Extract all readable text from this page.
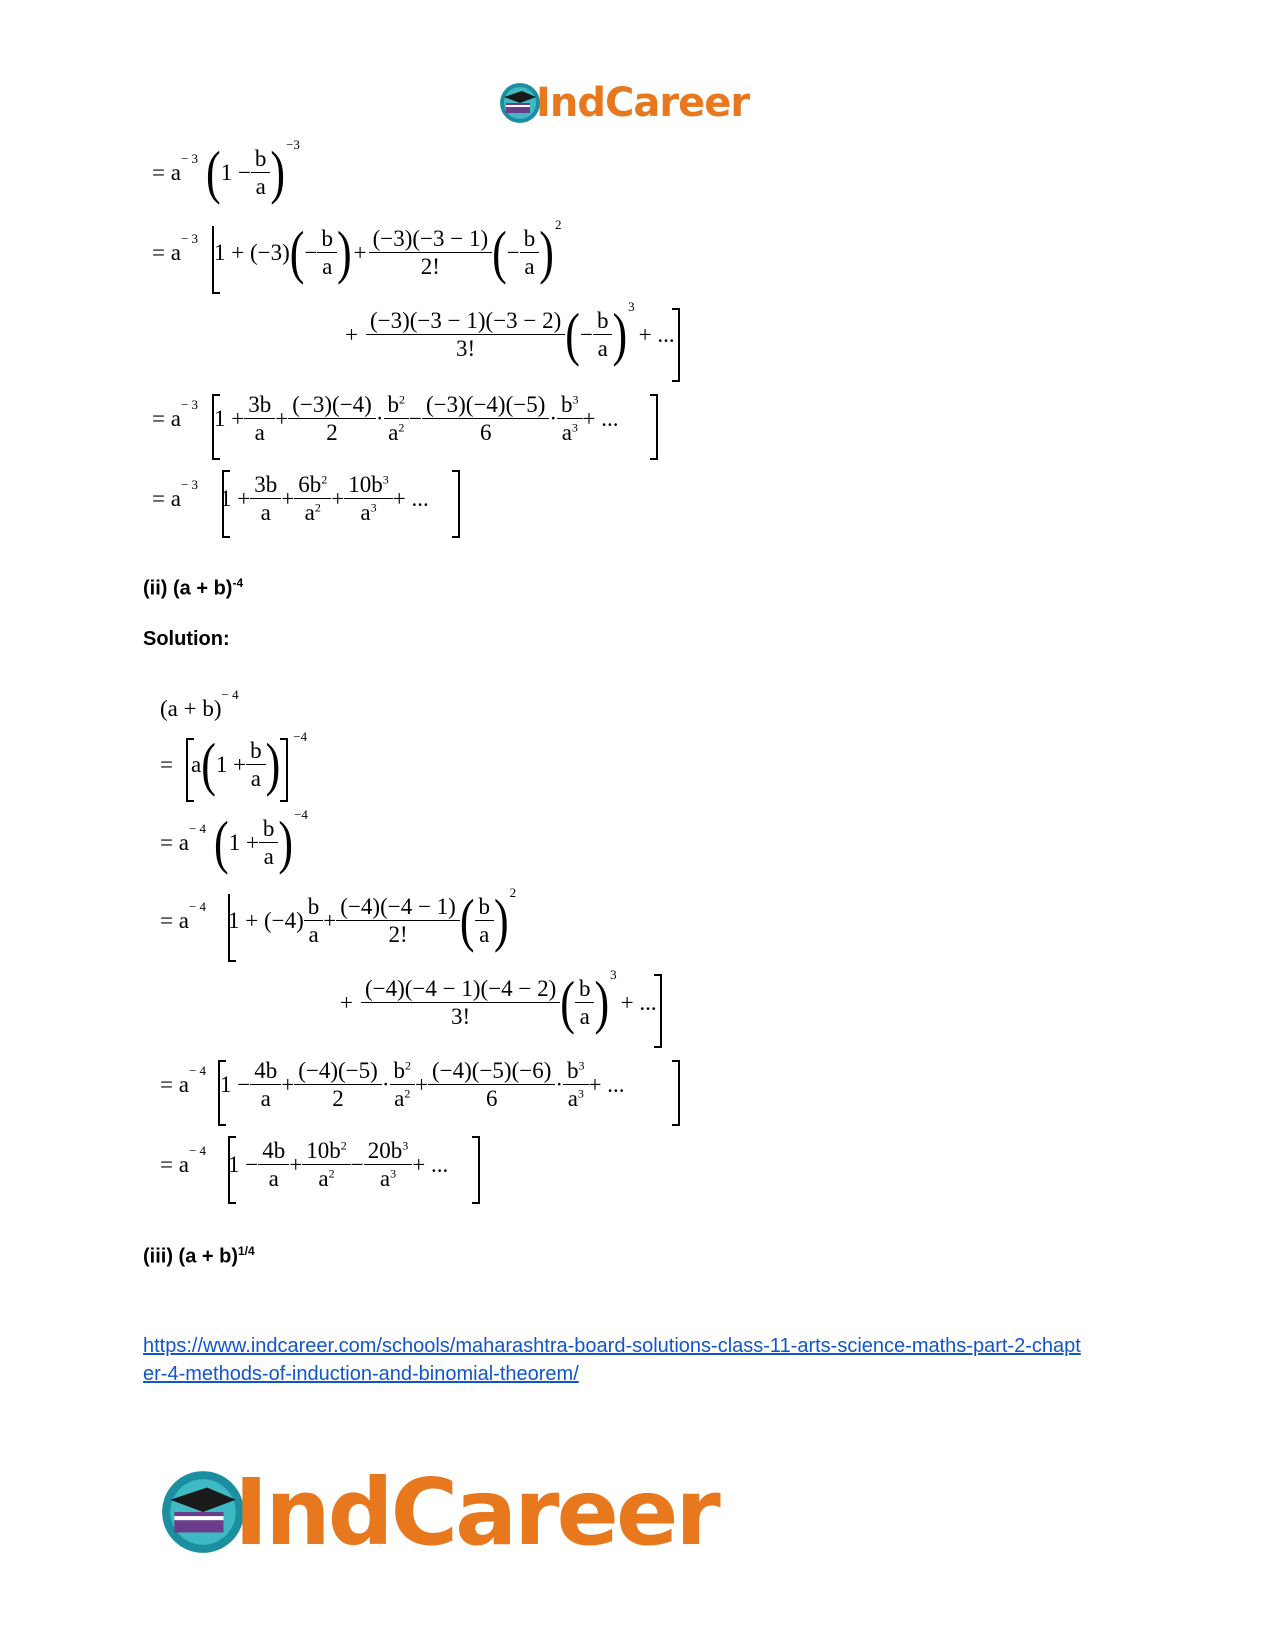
IndCareer
= a
− 3 ( $1 - \frac{b}{a}$ ) −3
= a
− 3
1 + (−3) ( − $\frac{b}{a}$ ) + $\frac{(-3)(-3 - 1)}{2!}$ ( − $\frac{b}{a}$ ) 2
+ $\frac{(-3)(-3 - 1)(-3 - 2)}{3!}$ ( − $\frac{b}{a}$ ) 3
+ ...
= a
− 3
$1 + \frac{3b}{a} + \frac{(-3)(-4)}{2} \cdot \frac{b^2}{a^2} - \frac{(-3)(-4)(-5)}{6} \cdot \frac{b^3}{a^3}$ + ...
= a
− 3
$1 + \frac{3b}{a} + \frac{6b^2}{a^2} + \frac{10b^3}{a^3}$ + ...
(ii) $(a + b)^{-4}$
Solution:
(a + b)
− 4
= a ( $1 + \frac{b}{a}$ ) −4
= a
− 4 ( $1 + \frac{b}{a}$ ) −4
= a
− 4
$1 + (-4) \frac{b}{a} + \frac{(-4)(-4 - 1)}{2!}$ ( $\frac{b}{a}$ ) 2
+ $\frac{(-4)(-4 - 1)(-4 - 2)}{3!}$ ( $\frac{b}{a}$ ) 3
+ ...
= a
− 4
$1 - \frac{4b}{a} + \frac{(-4)(-5)}{2} \cdot \frac{b^2}{a^2} + \frac{(-4)(-5)(-6)}{6} \cdot \frac{b^3}{a^3}$ + ...
= a
− 4
$1 - \frac{4b}{a} + \frac{10b^2}{a^2} - \frac{20b^3}{a^3}$ + ...
(iii) $(a + b)^{1/4}$
https://www.indcareer.com/schools/maharashtra-board-solutions-class-11-arts-science-maths-part-2-chapter-4-methods-of-induction-and-binomial-theorem/
IndCareer
